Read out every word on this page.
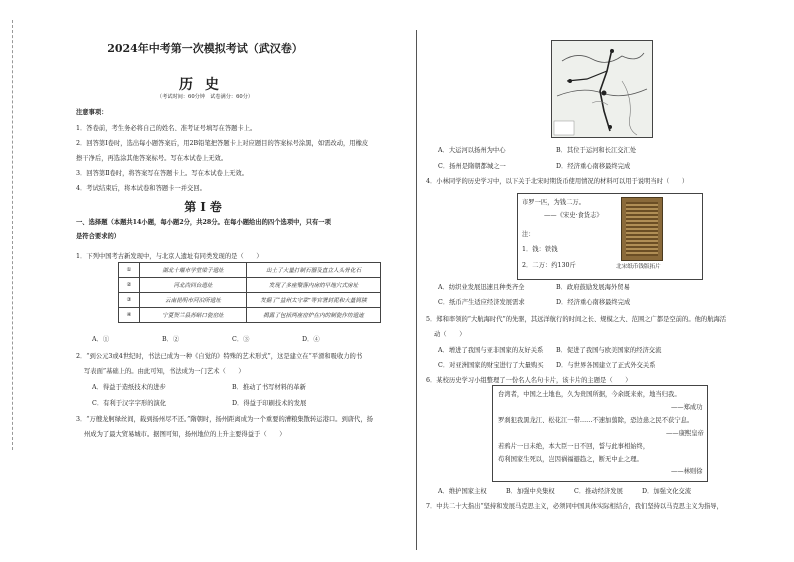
2024年中考第一次模拟考试（武汉卷）
历史
（考试时间：60分钟　试卷满分：60分）
注意事项：
1．答卷前，考生务必将自己的姓名、准考证号填写在答题卡上。
2．回答第Ⅰ卷时，选出每小题答案后，用2B铅笔把答题卡上对应题目的答案标号涂黑，如需改动，用橡皮
擦干净后，再选涂其他答案标号。写在本试卷上无效。
3．回答第Ⅱ卷时，将答案写在答题卡上。写在本试卷上无效。
4．考试结束后，将本试卷和答题卡一并交回。
第Ⅰ卷
一、选择题（本题共14小题，每小题2分，共28分。在每小题给出的四个选项中，只有一项
是符合要求的）
1．下列中国考古新发现中，与北京人遗址有同类发现的是（　　）
①	湖北十堰市学堂梁子遗址	出土了大量打制石器及直立人头骨化石
②	河北尚回台遗址	发现了多座聚落内房的早地穴式房址
③	云南昆明市河泊所遗址	发掘了“益州太守章”等官署封泥和大量简牍
④	宁夏贺兰县苏峪口瓷窑址	揭露了包括两座窑炉在内的制瓷作坊遗迹
A．①	B．②	C．③	D．④
2．“到公元3或4世纪时，书法已成为一种《自觉的》特殊的艺术形式”，这是建立在“平滑和吸收力的书
写表面”基础上的。由此可知，书法成为一门艺术（　　）
A．得益于造纸技术的进步	B．推动了书写材料的革新
C．有利于汉字字形的演化	D．得益于印刷技术的发展
3．“万艘龙舸绿丝间，载到扬州尽不还。”隋朝时，扬州距离成为一个重要的漕粮集散转运港口。到唐代，扬
州成为了最大贸易城市。据图可知，扬州地位的上升主要得益于（　　）
A．大运河以扬州为中心	B．其位于运河和长江交汇处
C．扬州是隋朝都城之一	D．经济重心南移最终完成
4．小林同学的历史学习中，以下关于北宋时期货币使用情况的材料可以用于说明当时（　　）
市罗一匹，为钱二万。
——《宋史·食货志》
注：
1．钱：铁钱
2．二万：约130斤	北宋纸币钱版拓片
A．纺织业发展迅速且种类齐全	B．政府鼓励发展海外贸易
C．纸币产生适应经济发展需求	D．经济重心南移最终完成
5．郑和率领的“大航海时代”的先驱，其远洋航行的时间之长、规模之大、范围之广都是空前的。他的航海活
动（　　）
A．增进了我国与亚非国家的友好关系 B．促进了我国与欧美国家的经济交流
C．对亚洲国家的财宝进行了大量购买 D．与世界各国建立了正式外交关系
6．某校历史学习小组整理了一份名人名句卡片，该卡片的主题是（　　）
台湾者，中国之土地也，久为贵国所据，今余既来索，地当归我。
——郑成功
罗刹犯我黑龙江、松花江一带……不速加翦除，恐边患之民不获宁息。
——康熙皇帝
若鸦片一日未绝，本大臣一日不回，誓与此事相始终，
苟利国家生死以，岂因祸福避趋之，断无中止之理。
——林则徐
A．维护国家主权	B．加强中央集权	C．推动经济发展	D．加强文化交流
7．中共二十大指出“坚持和发展马克思主义，必须同中国具体实际相结合，我们坚持以马克思主义为指导，
